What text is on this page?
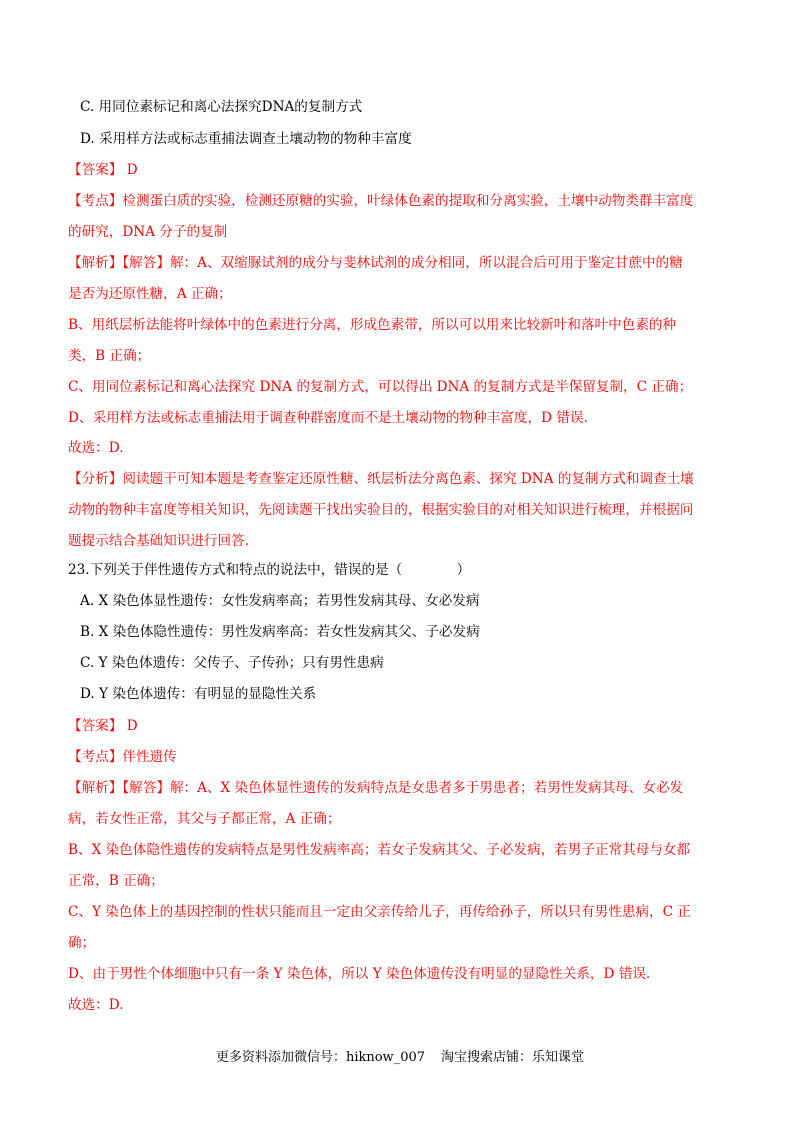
C. 用同位素标记和离心法探究DNA的复制方式
D. 采用样方法或标志重捕法调查土壤动物的物种丰富度
【答案】 D
【考点】检测蛋白质的实验，检测还原糖的实验，叶绿体色素的提取和分离实验，土壤中动物类群丰富度
的研究，DNA 分子的复制
【解析】【解答】解：A、双缩脲试剂的成分与斐林试剂的成分相同，所以混合后可用于鉴定甘蔗中的糖
是否为还原性糖，A 正确；
B、用纸层析法能将叶绿体中的色素进行分离，形成色素带，所以可以用来比较新叶和落叶中色素的种
类，B 正确；
C、用同位素标记和离心法探究 DNA 的复制方式，可以得出 DNA 的复制方式是半保留复制，C 正确；
D、采用样方法或标志重捕法用于调查种群密度而不是土壤动物的物种丰富度，D 错误.
故选：D.
【分析】阅读题干可知本题是考查鉴定还原性糖、纸层析法分离色素、探究 DNA 的复制方式和调查土壤
动物的物种丰富度等相关知识，先阅读题干找出实验目的，根据实验目的对相关知识进行梳理，并根据问
题提示结合基础知识进行回答.
23.下列关于伴性遗传方式和特点的说法中，错误的是（　　　　）
A. X 染色体显性遗传：女性发病率高；若男性发病其母、女必发病
B. X 染色体隐性遗传：男性发病率高：若女性发病其父、子必发病
C. Y 染色体遗传：父传子、子传孙；只有男性患病
D. Y 染色体遗传：有明显的显隐性关系
【答案】 D
【考点】伴性遗传
【解析】【解答】解：A、X 染色体显性遗传的发病特点是女患者多于男患者；若男性发病其母、女必发
病，若女性正常，其父与子都正常，A 正确；
B、X 染色体隐性遗传的发病特点是男性发病率高；若女子发病其父、子必发病，若男子正常其母与女都
正常，B 正确；
C、Y 染色体上的基因控制的性状只能而且一定由父亲传给儿子，再传给孙子，所以只有男性患病，C 正
确；
D、由于男性个体细胞中只有一条 Y 染色体，所以 Y 染色体遗传没有明显的显隐性关系，D 错误.
故选：D.
更多资料添加微信号：hiknow_007 淘宝搜索店铺：乐知课堂
